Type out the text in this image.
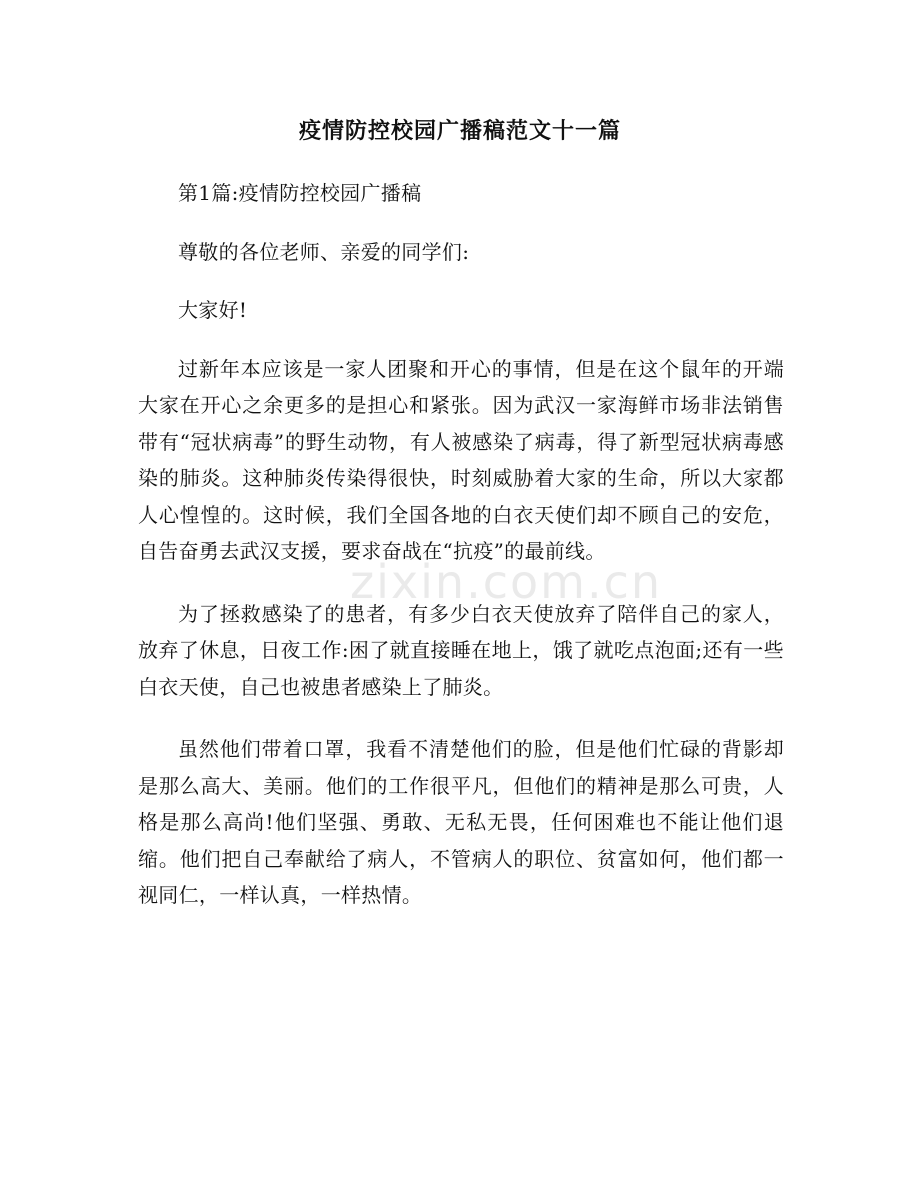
疫情防控校园广播稿范文十一篇

第1篇:疫情防控校园广播稿

尊敬的各位老师、亲爱的同学们:

大家好!

过新年本应该是一家人团聚和开心的事情，但是在这个鼠年的开端大家在开心之余更多的是担心和紧张。因为武汉一家海鲜市场非法销售带有“冠状病毒”的野生动物，有人被感染了病毒，得了新型冠状病毒感染的肺炎。这种肺炎传染得很快，时刻威胁着大家的生命，所以大家都人心惶惶的。这时候，我们全国各地的白衣天使们却不顾自己的安危，自告奋勇去武汉支援，要求奋战在“抗疫”的最前线。

为了拯救感染了的患者，有多少白衣天使放弃了陪伴自己的家人，放弃了休息，日夜工作:困了就直接睡在地上，饿了就吃点泡面;还有一些白衣天使，自己也被患者感染上了肺炎。

虽然他们带着口罩，我看不清楚他们的脸，但是他们忙碌的背影却是那么高大、美丽。他们的工作很平凡，但他们的精神是那么可贵，人格是那么高尚!他们坚强、勇敢、无私无畏，任何困难也不能让他们退缩。他们把自己奉献给了病人，不管病人的职位、贫富如何，他们都一视同仁，一样认真，一样热情。

zixin.com.cn
